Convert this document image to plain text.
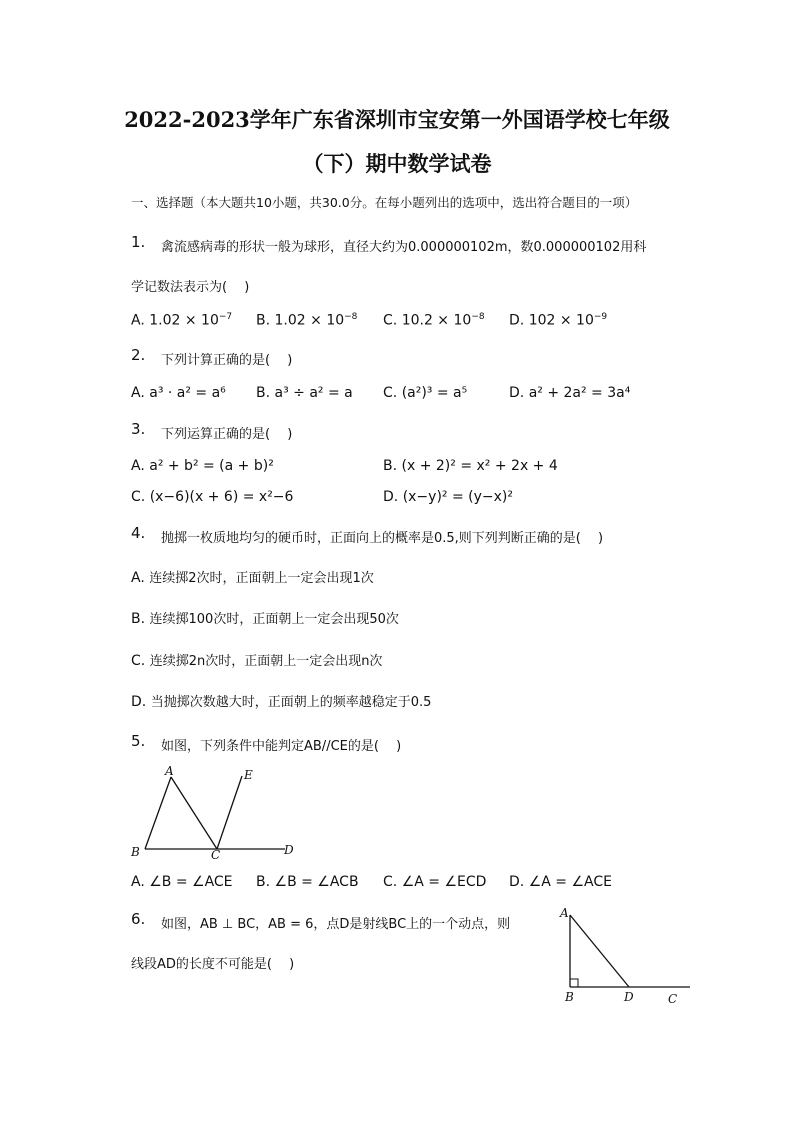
2022-2023学年广东省深圳市宝安第一外国语学校七年级
（下）期中数学试卷
一、选择题（本大题共10小题，共30.0分。在每小题列出的选项中，选出符合题目的一项）
1. 禽流感病毒的形状一般为球形，直径大约为0.000000102m，数0.000000102用科
学记数法表示为(　 )
A. $1.02 \times 10^{-7}$ B. $1.02 \times 10^{-8}$ C. $10.2 \times 10^{-8}$ D. $102 \times 10^{-9}$
2. 下列计算正确的是(　 )
A. a³ · a² = a⁶ B. a³ ÷ a² = a C. (a²)³ = a⁵	D. a² + 2a² = 3a⁴
3. 下列运算正确的是(　 )
A. a² + b² = (a + b)²	B. (x + 2)² = x² + 2x + 4
C. (x−6)(x + 6) = x²−6	D. (x−y)² = (y−x)²
4. 抛掷一枚质地均匀的硬币时，正面向上的概率是0.5,则下列判断正确的是(　 )
A. 连续掷2次时，正面朝上一定会出现1次
B. 连续掷100次时，正面朝上一定会出现50次
C. 连续掷2n次时，正面朝上一定会出现n次
D. 当抛掷次数越大时，正面朝上的频率越稳定于0.5
5. 如图，下列条件中能判定AB//CE的是(　 )
A	E
B	C	D
A. ∠B = ∠ACE B. ∠B = ∠ACB C. ∠A = ∠ECD D. ∠A = ∠ACE
6. 如图，AB ⊥ BC，AB = 6，点D是射线BC上的一个动点，则
线段AD的长度不可能是(　 )
A
B	D	C
